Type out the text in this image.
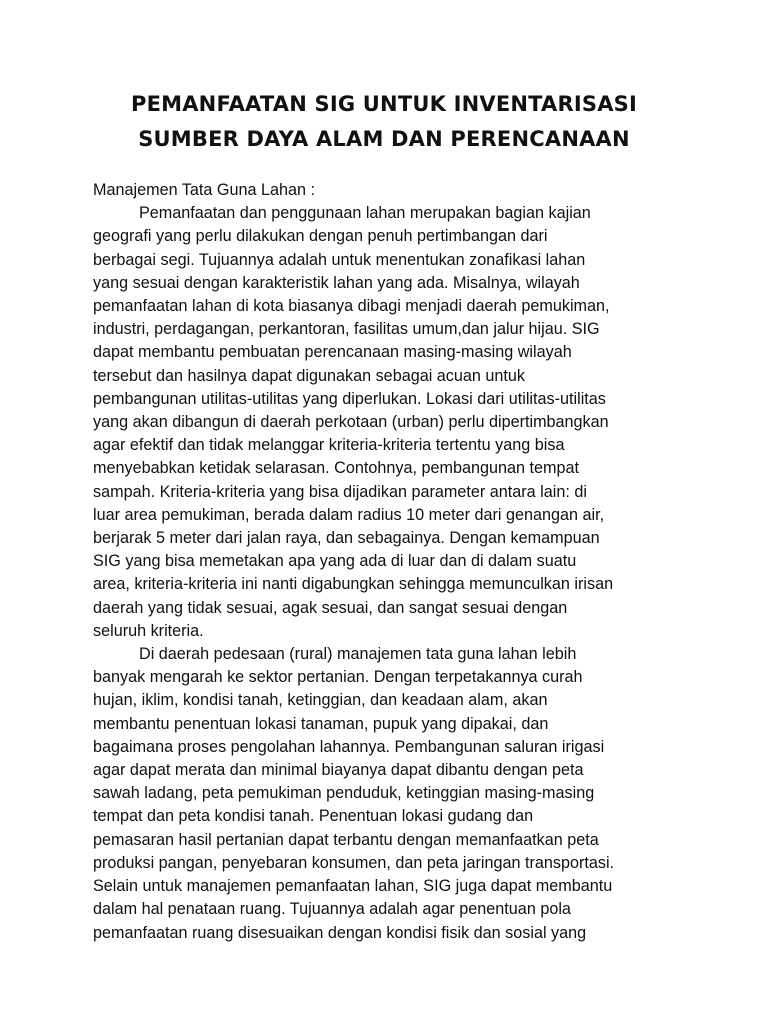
PEMANFAATAN SIG UNTUK INVENTARISASI
SUMBER DAYA ALAM DAN PERENCANAAN
Manajemen Tata Guna Lahan :
Pemanfaatan dan penggunaan lahan merupakan bagian kajian
geografi yang perlu dilakukan dengan penuh pertimbangan dari
berbagai segi. Tujuannya adalah untuk menentukan zonafikasi lahan
yang sesuai dengan karakteristik lahan yang ada. Misalnya, wilayah
pemanfaatan lahan di kota biasanya dibagi menjadi daerah pemukiman,
industri, perdagangan, perkantoran, fasilitas umum,dan jalur hijau. SIG
dapat membantu pembuatan perencanaan masing-masing wilayah
tersebut dan hasilnya dapat digunakan sebagai acuan untuk
pembangunan utilitas-utilitas yang diperlukan. Lokasi dari utilitas-utilitas
yang akan dibangun di daerah perkotaan (urban) perlu dipertimbangkan
agar efektif dan tidak melanggar kriteria-kriteria tertentu yang bisa
menyebabkan ketidak selarasan. Contohnya, pembangunan tempat
sampah. Kriteria-kriteria yang bisa dijadikan parameter antara lain: di
luar area pemukiman, berada dalam radius 10 meter dari genangan air,
berjarak 5 meter dari jalan raya, dan sebagainya. Dengan kemampuan
SIG yang bisa memetakan apa yang ada di luar dan di dalam suatu
area, kriteria-kriteria ini nanti digabungkan sehingga memunculkan irisan
daerah yang tidak sesuai, agak sesuai, dan sangat sesuai dengan
seluruh kriteria.
Di daerah pedesaan (rural) manajemen tata guna lahan lebih
banyak mengarah ke sektor pertanian. Dengan terpetakannya curah
hujan, iklim, kondisi tanah, ketinggian, dan keadaan alam, akan
membantu penentuan lokasi tanaman, pupuk yang dipakai, dan
bagaimana proses pengolahan lahannya. Pembangunan saluran irigasi
agar dapat merata dan minimal biayanya dapat dibantu dengan peta
sawah ladang, peta pemukiman penduduk, ketinggian masing-masing
tempat dan peta kondisi tanah. Penentuan lokasi gudang dan
pemasaran hasil pertanian dapat terbantu dengan memanfaatkan peta
produksi pangan, penyebaran konsumen, dan peta jaringan transportasi.
Selain untuk manajemen pemanfaatan lahan, SIG juga dapat membantu
dalam hal penataan ruang. Tujuannya adalah agar penentuan pola
pemanfaatan ruang disesuaikan dengan kondisi fisik dan sosial yang
